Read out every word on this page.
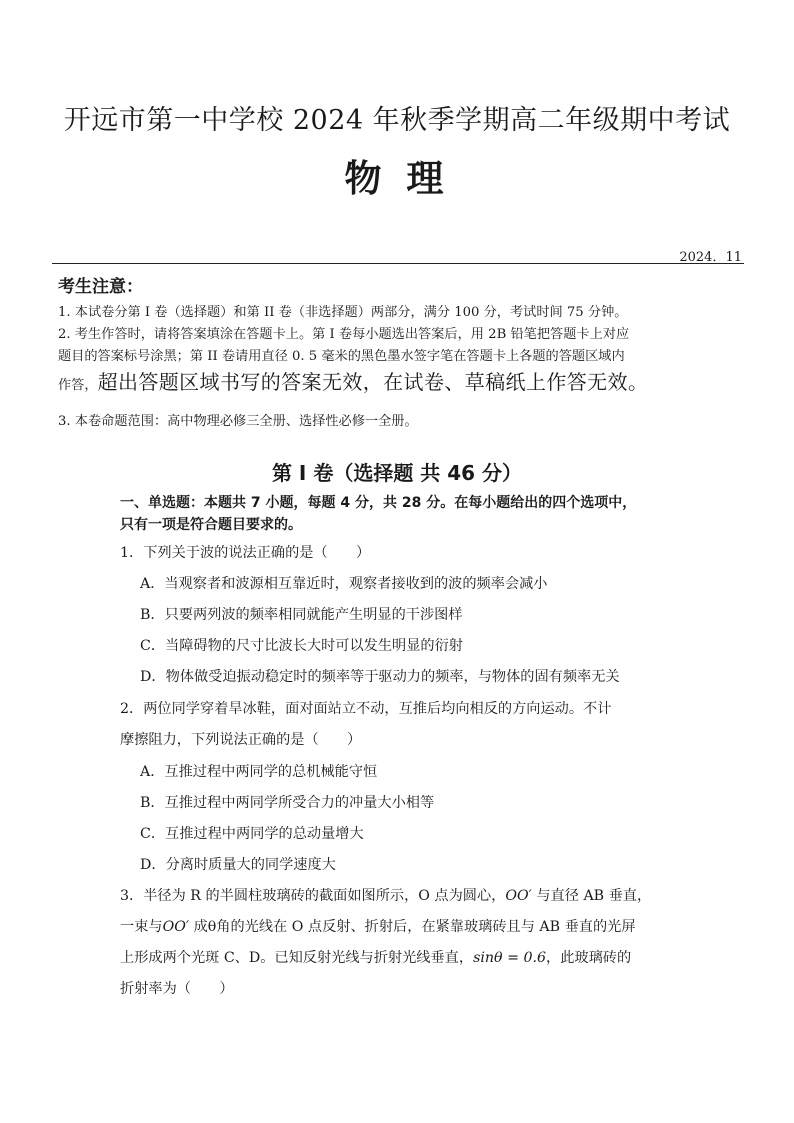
开远市第一中学校 2024 年秋季学期高二年级期中考试
物 理
2024．11
考生注意：
1. 本试卷分第 I 卷（选择题）和第 II 卷（非选择题）两部分，满分 100 分，考试时间 75 分钟。
2. 考生作答时，请将答案填涂在答题卡上。第 I 卷每小题选出答案后，用 2B 铅笔把答题卡上对应
题目的答案标号涂黑；第 II 卷请用直径 0. 5 毫米的黑色墨水签字笔在答题卡上各题的答题区域内
作答，超出答题区域书写的答案无效，在试卷、草稿纸上作答无效。
3. 本卷命题范围：高中物理必修三全册、选择性必修一全册。
第 I 卷（选择题 共 46 分）
一、单选题：本题共 7 小题，每题 4 分，共 28 分。在每小题给出的四个选项中，
只有一项是符合题目要求的。
1．下列关于波的说法正确的是（　　）
A．当观察者和波源相互靠近时，观察者接收到的波的频率会减小
B．只要两列波的频率相同就能产生明显的干涉图样
C．当障碍物的尺寸比波长大时可以发生明显的衍射
D．物体做受迫振动稳定时的频率等于驱动力的频率，与物体的固有频率无关
2．两位同学穿着旱冰鞋，面对面站立不动，互推后均向相反的方向运动。不计
摩擦阻力，下列说法正确的是（　　）
A．互推过程中两同学的总机械能守恒
B．互推过程中两同学所受合力的冲量大小相等
C．互推过程中两同学的总动量增大
D．分离时质量大的同学速度大
3．半径为 R 的半圆柱玻璃砖的截面如图所示，O 点为圆心，OO′ 与直径 AB 垂直，
一束与OO′ 成θ角的光线在 O 点反射、折射后，在紧靠玻璃砖且与 AB 垂直的光屏
上形成两个光斑 C、D。已知反射光线与折射光线垂直，sinθ = 0.6，此玻璃砖的
折射率为（　　）
